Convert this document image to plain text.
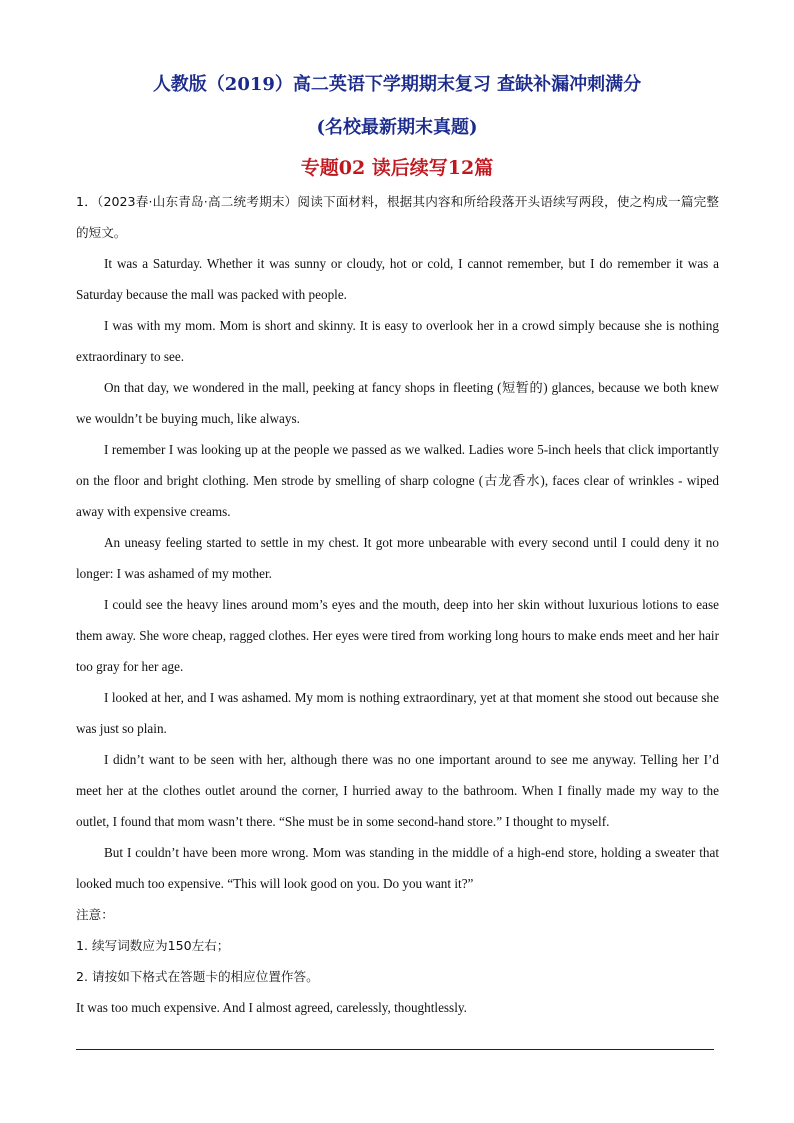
人教版（2019）高二英语下学期期末复习 查缺补漏冲刺满分
(名校最新期末真题)
专题02 读后续写12篇

1．（2023春·山东青岛·高二统考期末）阅读下面材料，根据其内容和所给段落开头语续写两段，使之构成一篇完整的短文。

It was a Saturday. Whether it was sunny or cloudy, hot or cold, I cannot remember, but I do remember it was a Saturday because the mall was packed with people.

I was with my mom. Mom is short and skinny. It is easy to overlook her in a crowd simply because she is nothing extraordinary to see.

On that day, we wondered in the mall, peeking at fancy shops in fleeting (短暂的) glances, because we both knew we wouldn’t be buying much, like always.

I remember I was looking up at the people we passed as we walked. Ladies wore 5-inch heels that click importantly on the floor and bright clothing. Men strode by smelling of sharp cologne (古龙香水), faces clear of wrinkles - wiped away with expensive creams.

An uneasy feeling started to settle in my chest. It got more unbearable with every second until I could deny it no longer: I was ashamed of my mother.

I could see the heavy lines around mom’s eyes and the mouth, deep into her skin without luxurious lotions to ease them away. She wore cheap, ragged clothes. Her eyes were tired from working long hours to make ends meet and her hair too gray for her age.

I looked at her, and I was ashamed. My mom is nothing extraordinary, yet at that moment she stood out because she was just so plain.

I didn’t want to be seen with her, although there was no one important around to see me anyway. Telling her I’d meet her at the clothes outlet around the corner, I hurried away to the bathroom. When I finally made my way to the outlet, I found that mom wasn’t there. “She must be in some second-hand store.” I thought to myself.

But I couldn’t have been more wrong. Mom was standing in the middle of a high-end store, holding a sweater that looked much too expensive. “This will look good on you. Do you want it?”

注意：

1. 续写词数应为150左右；

2. 请按如下格式在答题卡的相应位置作答。

It was too much expensive. And I almost agreed, carelessly, thoughtlessly.
